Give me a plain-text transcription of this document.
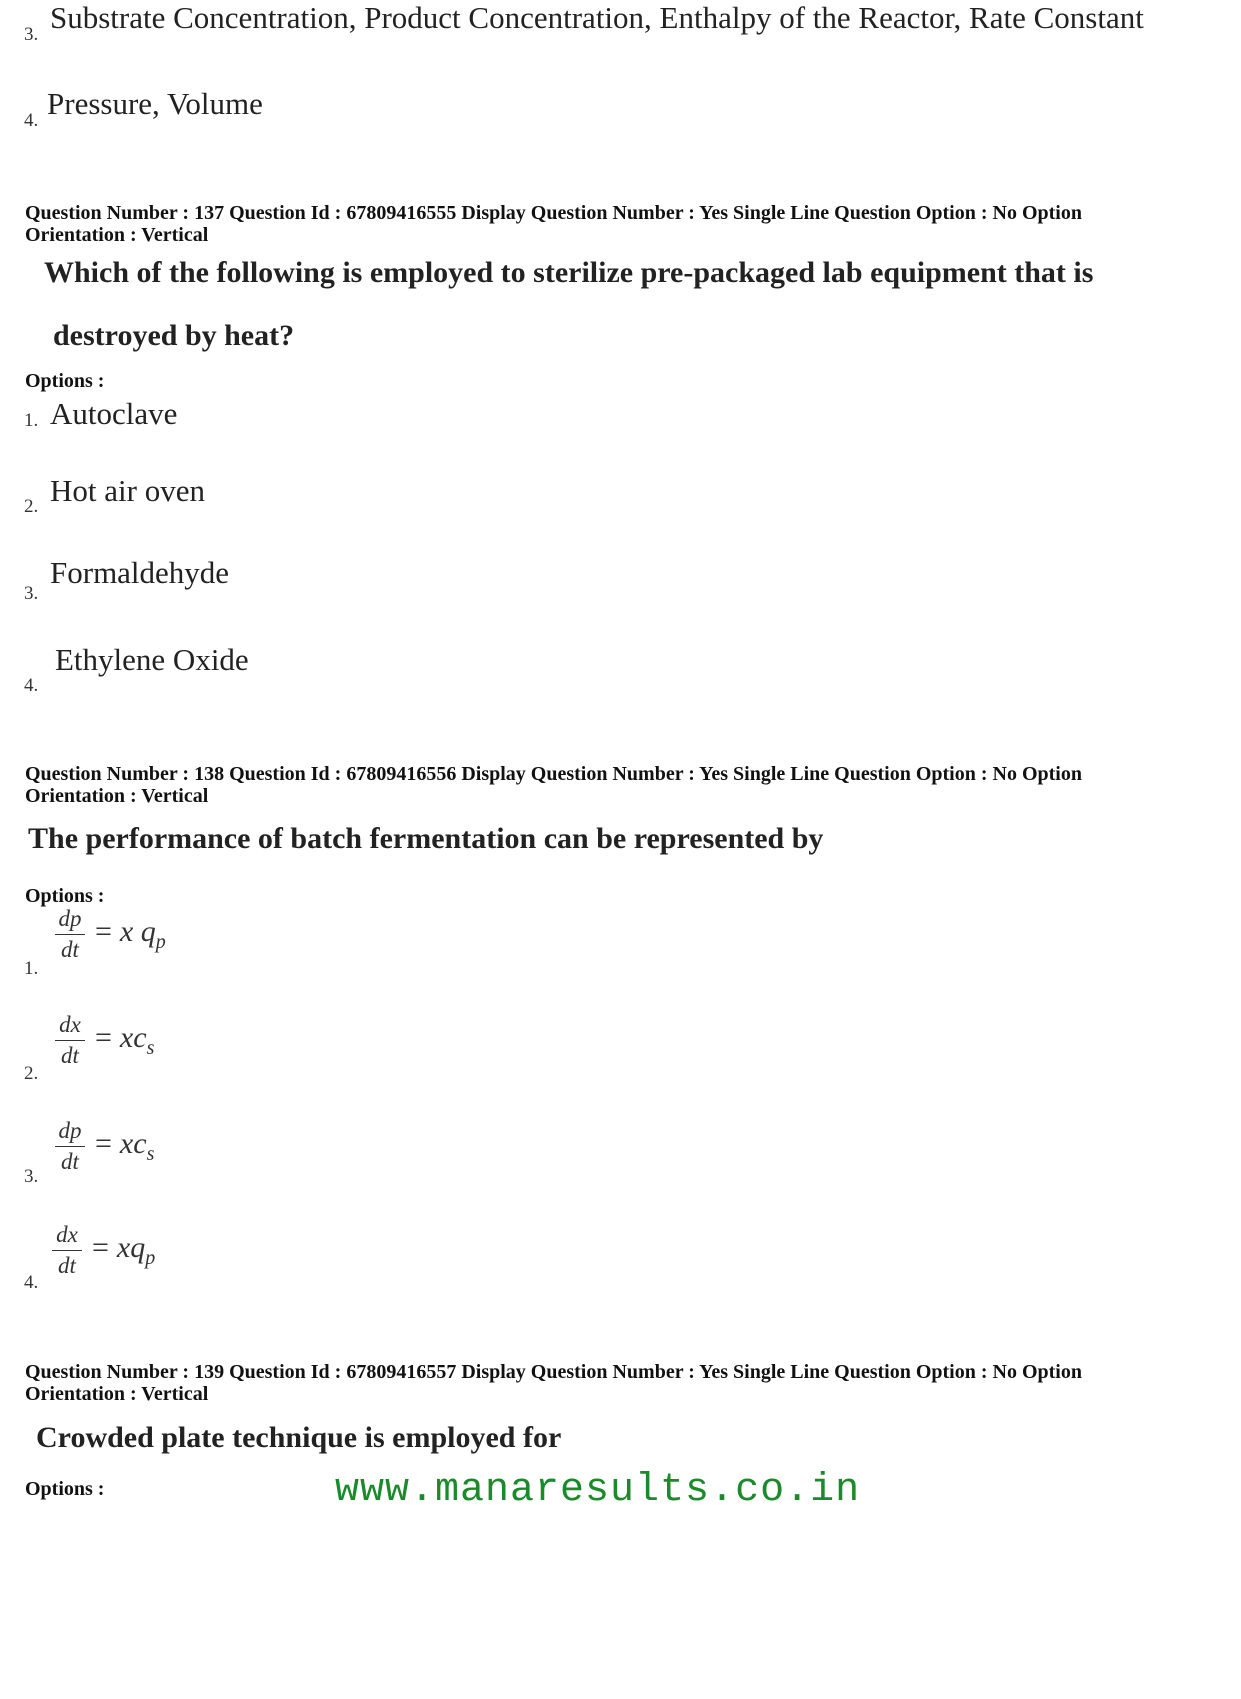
3. Substrate Concentration, Product Concentration, Enthalpy of the Reactor, Rate Constant
4. Pressure, Volume
Question Number : 137 Question Id : 67809416555 Display Question Number : Yes Single Line Question Option : No Option
Orientation : Vertical
Which of the following is employed to sterilize pre-packaged lab equipment that is
destroyed by heat?
Options :
1. Autoclave
2. Hot air oven
3.
Formaldehyde
4.
Ethylene Oxide
Question Number : 138 Question Id : 67809416556 Display Question Number : Yes Single Line Question Option : No Option
Orientation : Vertical
The performance of batch fermentation can be represented by
Options :
1.
$\frac{dp}{dt} = x$ $q_p$
2.
$\frac{dx}{dt} = xc_s$
3.
$\frac{dp}{dt} = xc_s$
4.
$\frac{dx}{dt} = xq_p$
Question Number : 139 Question Id : 67809416557 Display Question Number : Yes Single Line Question Option : No Option
Orientation : Vertical
Crowded plate technique is employed for
Options :	www.manaresults.co.in
